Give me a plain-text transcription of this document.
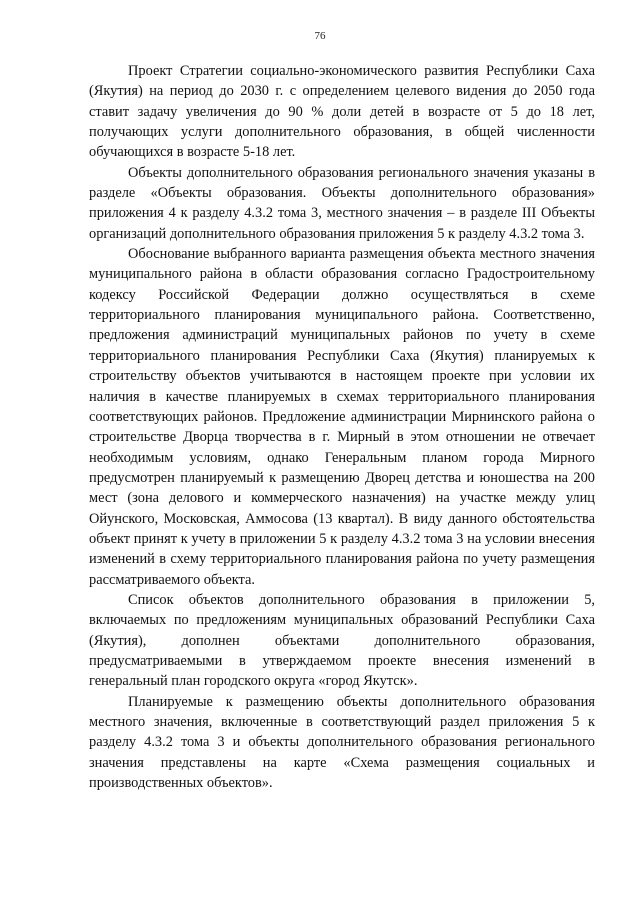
76

Проект Стратегии социально-экономического развития Республики Саха (Якутия) на период до 2030 г. с определением целевого видения до 2050 года ставит задачу увеличения до 90 % доли детей в возрасте от 5 до 18 лет, получающих услуги дополнительного образования, в общей численности обучающихся в возрасте 5-18 лет.

Объекты дополнительного образования регионального значения указаны в разделе «Объекты образования. Объекты дополнительного образования» приложения 4 к разделу 4.3.2 тома 3, местного значения – в разделе III Объекты организаций дополнительного образования приложения 5 к разделу 4.3.2 тома 3.

Обоснование выбранного варианта размещения объекта местного значения муниципального района в области образования согласно Градостроительному кодексу Российской Федерации должно осуществляться в схеме территориального планирования муниципального района. Соответственно, предложения администраций муниципальных районов по учету в схеме территориального планирования Республики Саха (Якутия) планируемых к строительству объектов учитываются в настоящем проекте при условии их наличия в качестве планируемых в схемах территориального планирования соответствующих районов. Предложение администрации Мирнинского района о строительстве Дворца творчества в г. Мирный в этом отношении не отвечает необходимым условиям, однако Генеральным планом города Мирного предусмотрен планируемый к размещению Дворец детства и юношества на 200 мест (зона делового и коммерческого назначения) на участке между улиц Ойунского, Московская, Аммосова (13 квартал). В виду данного обстоятельства объект принят к учету в приложении 5 к разделу 4.3.2 тома 3 на условии внесения изменений в схему территориального планирования района по учету размещения рассматриваемого объекта.

Список объектов дополнительного образования в приложении 5, включаемых по предложениям муниципальных образований Республики Саха (Якутия), дополнен объектами дополнительного образования, предусматриваемыми в утверждаемом проекте внесения изменений в генеральный план городского округа «город Якутск».

Планируемые к размещению объекты дополнительного образования местного значения, включенные в соответствующий раздел приложения 5 к разделу 4.3.2 тома 3 и объекты дополнительного образования регионального значения представлены на карте «Схема размещения социальных и производственных объектов».
